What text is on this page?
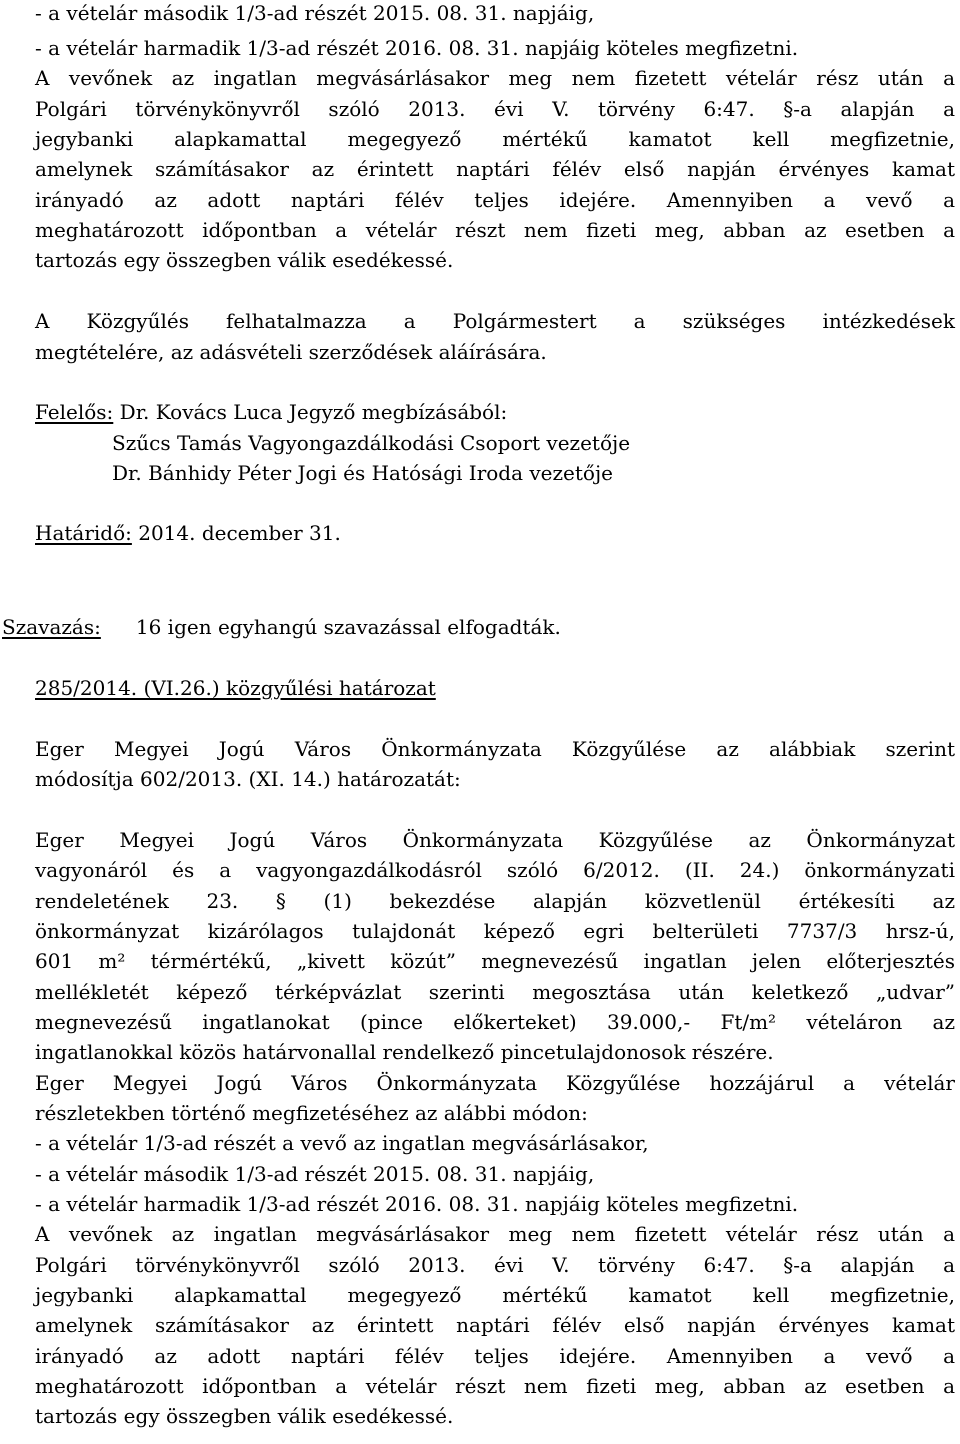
- a vételár második 1/3-ad részét 2015. 08. 31. napjáig,
- a vételár harmadik 1/3-ad részét 2016. 08. 31. napjáig köteles megfizetni.
A vevőnek az ingatlan megvásárlásakor meg nem fizetett vételár rész után a
Polgári törvénykönyvről szóló 2013. évi V. törvény 6:47. §-a alapján a
jegybanki alapkamattal megegyező mértékű kamatot kell megfizetnie,
amelynek számításakor az érintett naptári félév első napján érvényes kamat
irányadó az adott naptári félév teljes idejére. Amennyiben a vevő a
meghatározott időpontban a vételár részt nem fizeti meg, abban az esetben a
tartozás egy összegben válik esedékessé.
A Közgyűlés felhatalmazza a Polgármestert a szükséges intézkedések
megtételére, az adásvételi szerződések aláírására.
Felelős: Dr. Kovács Luca Jegyző megbízásából:
Szűcs Tamás Vagyongazdálkodási Csoport vezetője
Dr. Bánhidy Péter Jogi és Hatósági Iroda vezetője
Határidő: 2014. december 31.
Szavazás: 16 igen egyhangú szavazással elfogadták.
285/2014. (VI.26.) közgyűlési határozat
Eger Megyei Jogú Város Önkormányzata Közgyűlése az alábbiak szerint
módosítja 602/2013. (XI. 14.) határozatát:
Eger Megyei Jogú Város Önkormányzata Közgyűlése az Önkormányzat
vagyonáról és a vagyongazdálkodásról szóló 6/2012. (II. 24.) önkormányzati
rendeletének 23. § (1) bekezdése alapján közvetlenül értékesíti az
önkormányzat kizárólagos tulajdonát képező egri belterületi 7737/3 hrsz-ú,
601 m² térmértékű, „kivett közút” megnevezésű ingatlan jelen előterjesztés
mellékletét képező térképvázlat szerinti megosztása után keletkező „udvar”
megnevezésű ingatlanokat (pince előkerteket) 39.000,- Ft/m² vételáron az
ingatlanokkal közös határvonallal rendelkező pincetulajdonosok részére.
Eger Megyei Jogú Város Önkormányzata Közgyűlése hozzájárul a vételár
részletekben történő megfizetéséhez az alábbi módon:
- a vételár 1/3-ad részét a vevő az ingatlan megvásárlásakor,
- a vételár második 1/3-ad részét 2015. 08. 31. napjáig,
- a vételár harmadik 1/3-ad részét 2016. 08. 31. napjáig köteles megfizetni.
A vevőnek az ingatlan megvásárlásakor meg nem fizetett vételár rész után a
Polgári törvénykönyvről szóló 2013. évi V. törvény 6:47. §-a alapján a
jegybanki alapkamattal megegyező mértékű kamatot kell megfizetnie,
amelynek számításakor az érintett naptári félév első napján érvényes kamat
irányadó az adott naptári félév teljes idejére. Amennyiben a vevő a
meghatározott időpontban a vételár részt nem fizeti meg, abban az esetben a
tartozás egy összegben válik esedékessé.
